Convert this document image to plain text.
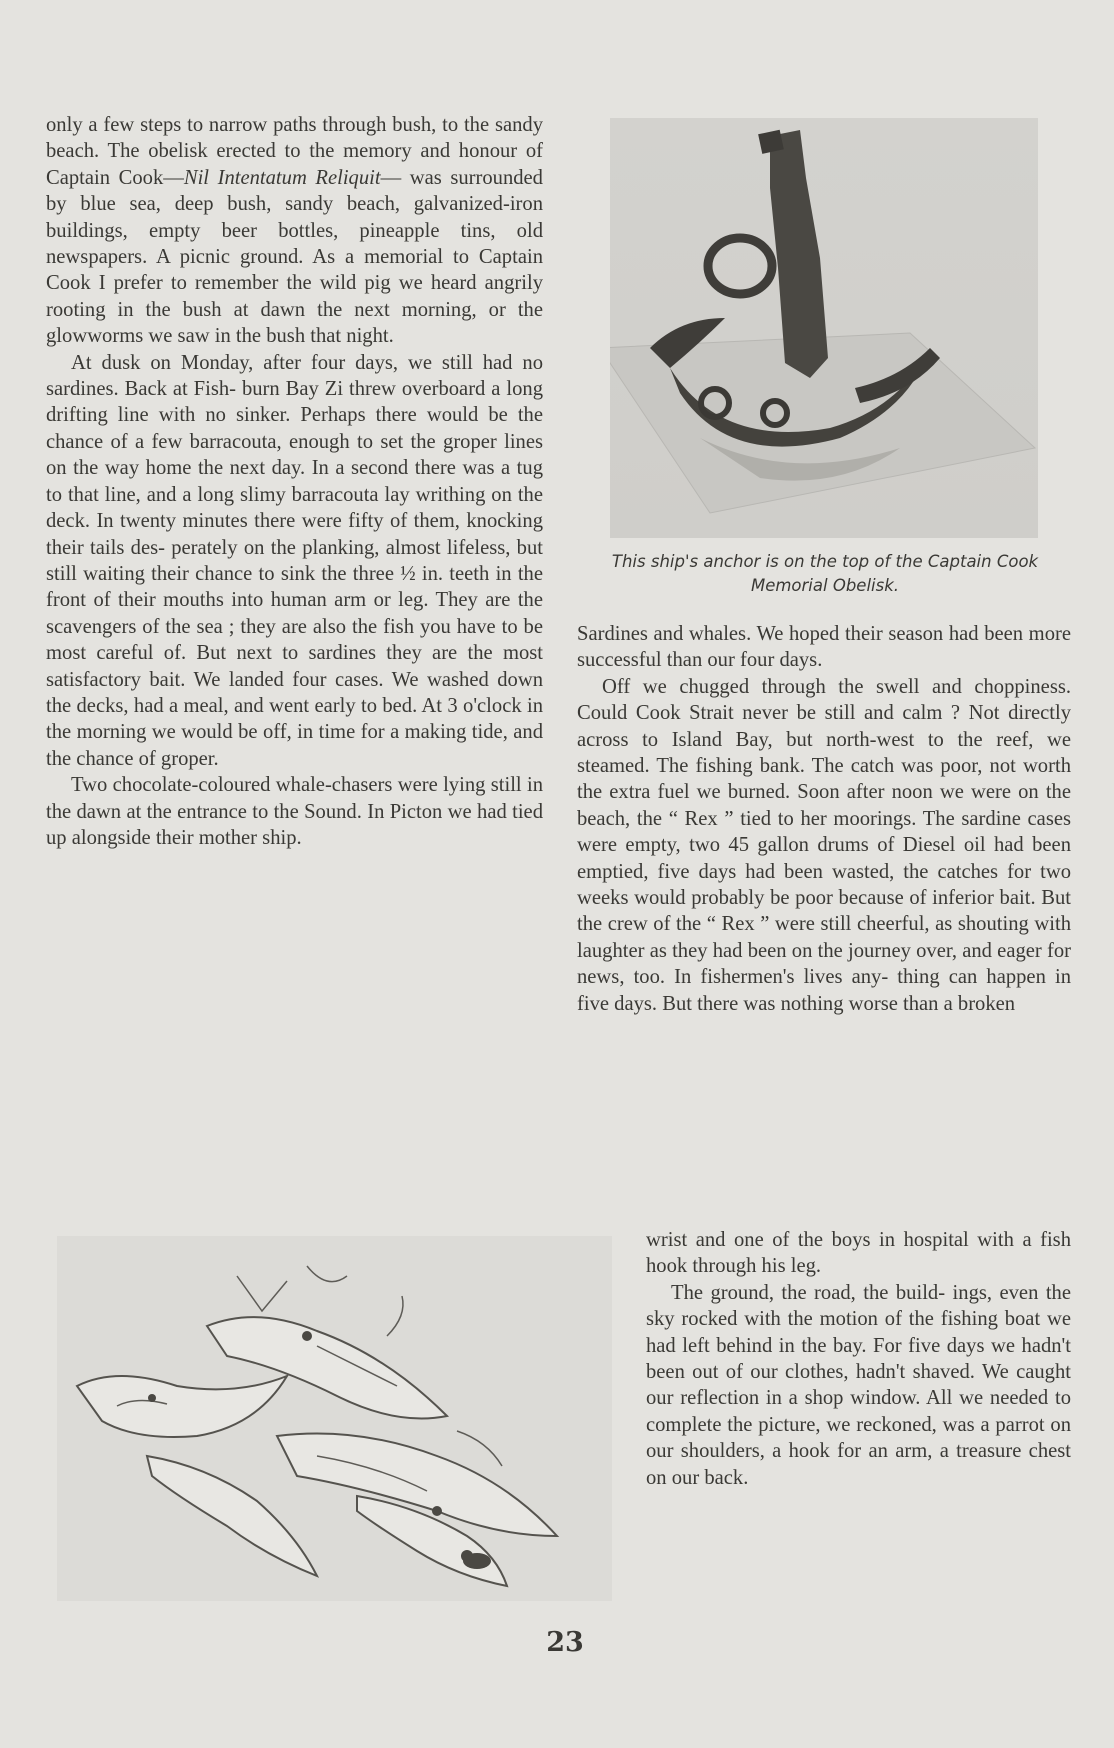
only a few steps to narrow paths through bush, to the sandy beach. The obelisk erected to the memory and honour of Captain Cook—Nil Intentatum Reliquit— was surrounded by blue sea, deep bush, sandy beach, galvanized-iron buildings, empty beer bottles, pineapple tins, old newspapers. A picnic ground. As a memorial to Captain Cook I prefer to remember the wild pig we heard angrily rooting in the bush at dawn the next morning, or the glowworms we saw in the bush that night.

At dusk on Monday, after four days, we still had no sardines. Back at Fish- burn Bay Zi threw overboard a long drifting line with no sinker. Perhaps there would be the chance of a few barracouta, enough to set the groper lines on the way home the next day. In a second there was a tug to that line, and a long slimy barracouta lay writhing on the deck. In twenty minutes there were fifty of them, knocking their tails des- perately on the planking, almost lifeless, but still waiting their chance to sink the three ½ in. teeth in the front of their mouths into human arm or leg. They are the scavengers of the sea ; they are also the fish you have to be most careful of. But next to sardines they are the most satisfactory bait. We landed four cases. We washed down the decks, had a meal, and went early to bed. At 3 o'clock in the morning we would be off, in time for a making tide, and the chance of groper.

Two chocolate-coloured whale-chasers were lying still in the dawn at the entrance to the Sound. In Picton we had tied up alongside their mother ship.

This ship's anchor is on the top of the Captain Cook Memorial Obelisk.

Sardines and whales. We hoped their season had been more successful than our four days.

Off we chugged through the swell and choppiness. Could Cook Strait never be still and calm ? Not directly across to Island Bay, but north-west to the reef, we steamed. The fishing bank. The catch was poor, not worth the extra fuel we burned. Soon after noon we were on the beach, the “ Rex ” tied to her moorings. The sardine cases were empty, two 45 gallon drums of Diesel oil had been emptied, five days had been wasted, the catches for two weeks would probably be poor because of inferior bait. But the crew of the “ Rex ” were still cheerful, as shouting with laughter as they had been on the journey over, and eager for news, too. In fishermen's lives any- thing can happen in five days. But there was nothing worse than a broken

wrist and one of the boys in hospital with a fish hook through his leg.

The ground, the road, the build- ings, even the sky rocked with the motion of the fishing boat we had left behind in the bay. For five days we hadn't been out of our clothes, hadn't shaved. We caught our reflection in a shop window. All we needed to complete the picture, we reckoned, was a parrot on our shoulders, a hook for an arm, a treasure chest on our back.

23
